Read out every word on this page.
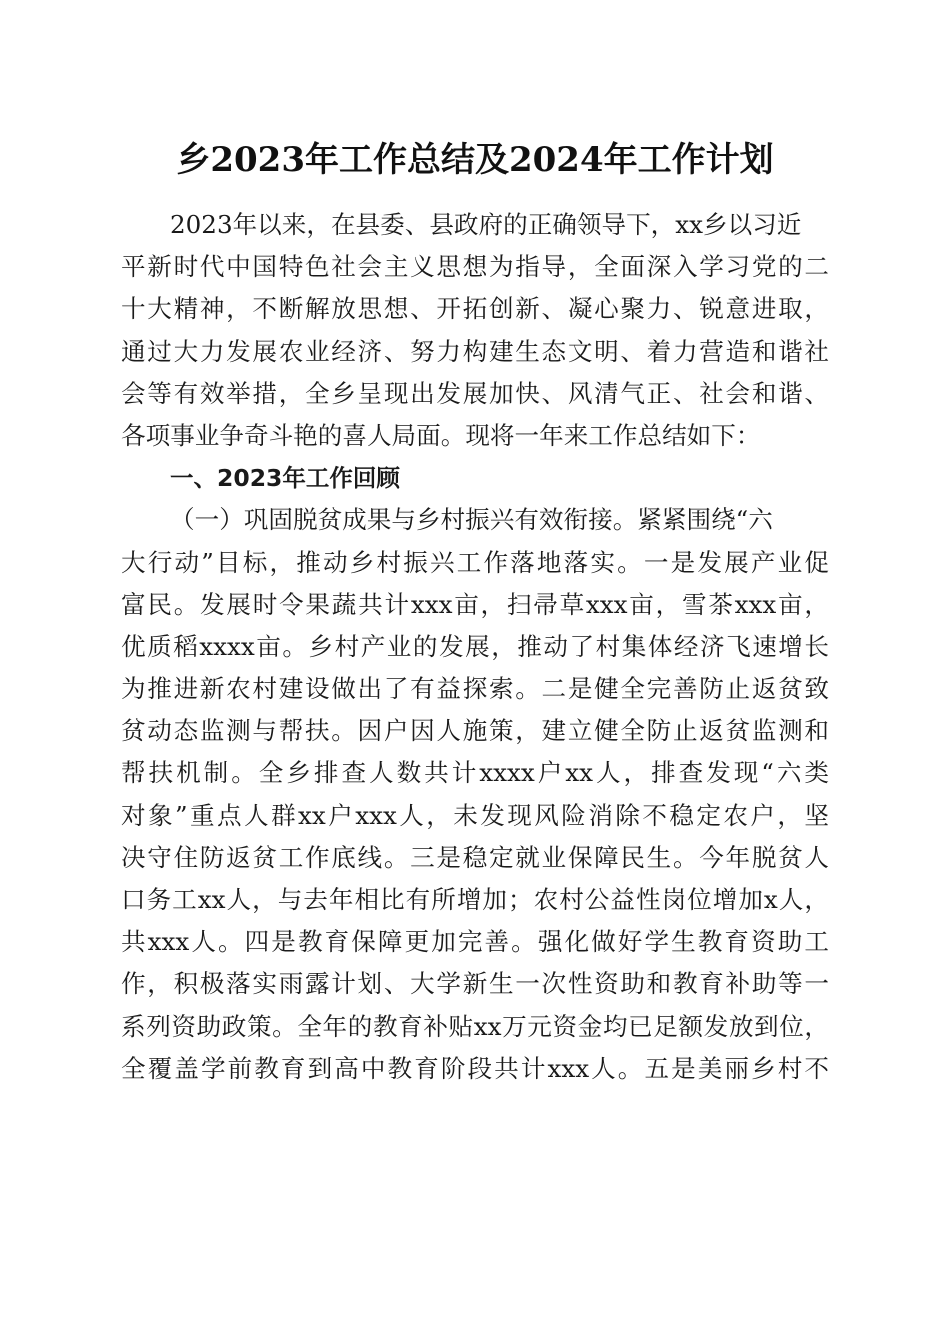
乡2023年工作总结及2024年工作计划
2023年以来，在县委、县政府的正确领导下，xx乡以习近
平新时代中国特色社会主义思想为指导，全面深入学习党的二
十大精神，不断解放思想、开拓创新、凝心聚力、锐意进取，
通过大力发展农业经济、努力构建生态文明、着力营造和谐社
会等有效举措，全乡呈现出发展加快、风清气正、社会和谐、
各项事业争奇斗艳的喜人局面。现将一年来工作总结如下：
一、2023年工作回顾
（一）巩固脱贫成果与乡村振兴有效衔接。紧紧围绕“六
大行动”目标，推动乡村振兴工作落地落实。一是发展产业促
富民。发展时令果蔬共计xxx亩，扫帚草xxx亩，雪茶xxx亩，
优质稻xxxx亩。乡村产业的发展，推动了村集体经济飞速增长
为推进新农村建设做出了有益探索。二是健全完善防止返贫致
贫动态监测与帮扶。因户因人施策，建立健全防止返贫监测和
帮扶机制。全乡排查人数共计xxxx户xx人，排查发现“六类
对象”重点人群xx户xxx人，未发现风险消除不稳定农户，坚
决守住防返贫工作底线。三是稳定就业保障民生。今年脱贫人
口务工xx人，与去年相比有所增加；农村公益性岗位增加x人，
共xxx人。四是教育保障更加完善。强化做好学生教育资助工
作，积极落实雨露计划、大学新生一次性资助和教育补助等一
系列资助政策。全年的教育补贴xx万元资金均已足额发放到位，
全覆盖学前教育到高中教育阶段共计xxx人。五是美丽乡村不
